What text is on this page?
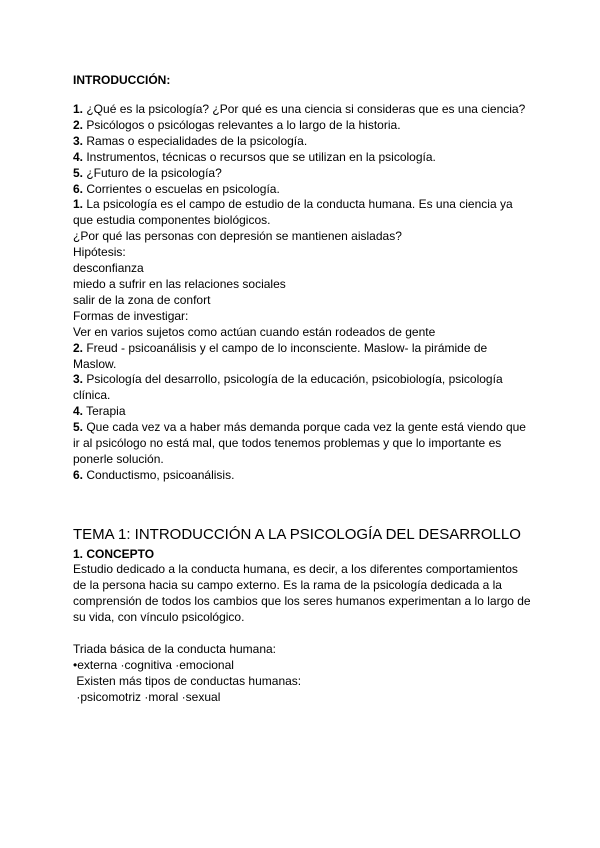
INTRODUCCIÓN:

1. ¿Qué es la psicología? ¿Por qué es una ciencia si consideras que es una ciencia?

2. Psicólogos o psicólogas relevantes a lo largo de la historia.

3. Ramas o especialidades de la psicología.

4. Instrumentos, técnicas o recursos que se utilizan en la psicología.

5. ¿Futuro de la psicología?

6. Corrientes o escuelas en psicología.

1. La psicología es el campo de estudio de la conducta humana. Es una ciencia ya que estudia componentes biológicos.

¿Por qué las personas con depresión se mantienen aisladas?

Hipótesis:

desconfianza

miedo a sufrir en las relaciones sociales

salir de la zona de confort

Formas de investigar:

Ver en varios sujetos como actúan cuando están rodeados de gente

2. Freud - psicoanálisis y el campo de lo inconsciente. Maslow- la pirámide de Maslow.

3. Psicología del desarrollo, psicología de la educación, psicobiología, psicología clínica.

4. Terapia

5. Que cada vez va a haber más demanda porque cada vez la gente está viendo que ir al psicólogo no está mal, que todos tenemos problemas y que lo importante es ponerle solución.

6. Conductismo, psicoanálisis.

TEMA 1: INTRODUCCIÓN A LA PSICOLOGÍA DEL DESARROLLO
1. CONCEPTO

Estudio dedicado a la conducta humana, es decir, a los diferentes comportamientos de la persona hacia su campo externo. Es la rama de la psicología dedicada a la comprensión de todos los cambios que los seres humanos experimentan a lo largo de su vida, con vínculo psicológico.

Triada básica de la conducta humana:

•externa ·cognitiva ·emocional

Existen más tipos de conductas humanas:

·psicomotriz ·moral ·sexual
